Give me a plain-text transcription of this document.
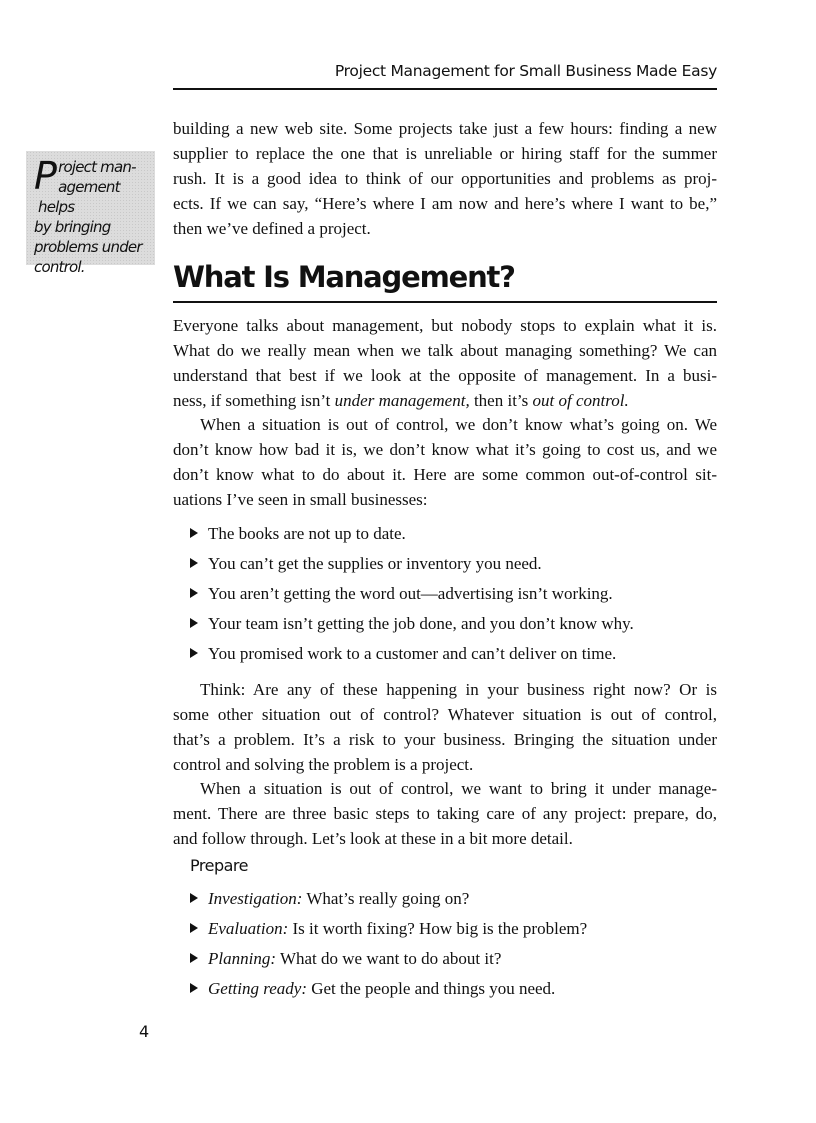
Project Management for Small Business Made Easy
P roject man-
agement helps
by bringing
problems under
control.
building a new web site. Some projects take just a few hours: finding a new
supplier to replace the one that is unreliable or hiring staff for the summer
rush. It is a good idea to think of our opportunities and problems as proj-
ects. If we can say, “Here’s where I am now and here’s where I want to be,”
then we’ve defined a project.
What Is Management?
Everyone talks about management, but nobody stops to explain what it is.
What do we really mean when we talk about managing something? We can
understand that best if we look at the opposite of management. In a busi-
ness, if something isn’t under management, then it’s out of control.
When a situation is out of control, we don’t know what’s going on. We
don’t know how bad it is, we don’t know what it’s going to cost us, and we
don’t know what to do about it. Here are some common out-of-control sit-
uations I’ve seen in small businesses:
The books are not up to date.
You can’t get the supplies or inventory you need.
You aren’t getting the word out—advertising isn’t working.
Your team isn’t getting the job done, and you don’t know why.
You promised work to a customer and can’t deliver on time.
Think: Are any of these happening in your business right now? Or is
some other situation out of control? Whatever situation is out of control,
that’s a problem. It’s a risk to your business. Bringing the situation under
control and solving the problem is a project.
When a situation is out of control, we want to bring it under manage-
ment. There are three basic steps to taking care of any project: prepare, do,
and follow through. Let’s look at these in a bit more detail.
Prepare
Investigation: What’s really going on?
Evaluation: Is it worth fixing? How big is the problem?
Planning: What do we want to do about it?
Getting ready: Get the people and things you need.
4
